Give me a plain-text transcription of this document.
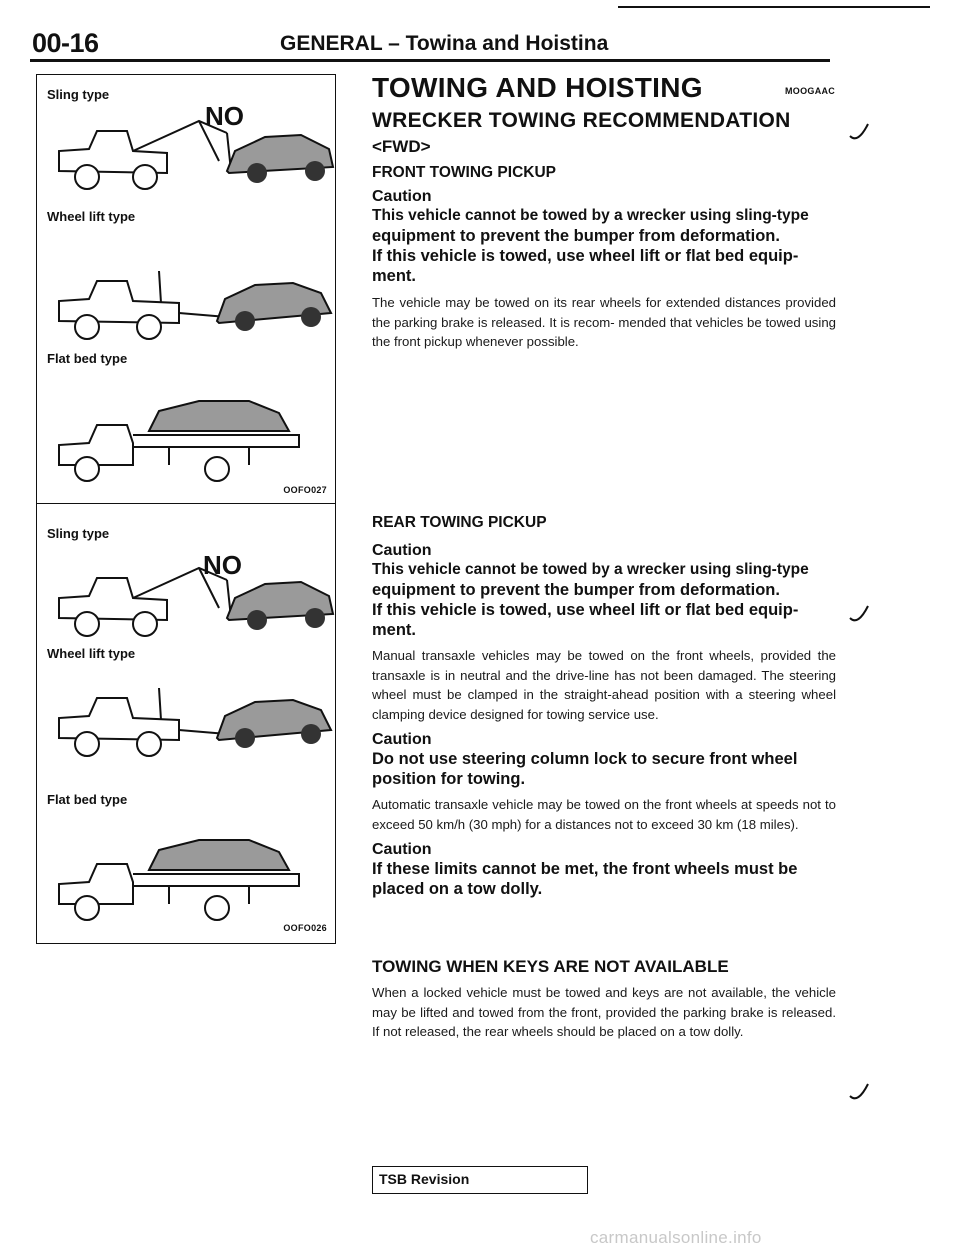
00-16	GENERAL – Towina and Hoistina
Sling type
NO
Wheel lift type
Flat bed type
OOFO027
Sling type
NO
Wheel lift type
Flat bed type
OOFO026
TOWING AND HOISTING	MOOGAAC
WRECKER TOWING RECOMMENDATION
<FWD>
FRONT TOWING PICKUP
Caution
This vehicle cannot be towed by a wrecker using sling-type
equipment to prevent the bumper from deformation.
If this vehicle is towed, use wheel lift or flat bed equip-
ment.
The vehicle may be towed on its rear wheels for extended distances provided the parking brake is released. It is recom- mended that vehicles be towed using the front pickup whenever possible.
REAR TOWING PICKUP
Caution
This vehicle cannot be towed by a wrecker using sling-type
equipment to prevent the bumper from deformation.
If this vehicle is towed, use wheel lift or flat bed equip-
ment.
Manual transaxle vehicles may be towed on the front wheels, provided the transaxle is in neutral and the drive-line has not been damaged. The steering wheel must be clamped in the straight-ahead position with a steering wheel clamping device designed for towing service use.
Caution
Do not use steering column lock to secure front wheel
position for towing.
Automatic transaxle vehicle may be towed on the front wheels at speeds not to exceed 50 km/h (30 mph) for a distances not to exceed 30 km (18 miles).
Caution
If these limits cannot be met, the front wheels must be
placed on a tow dolly.
TOWING WHEN KEYS ARE NOT AVAILABLE
When a locked vehicle must be towed and keys are not available, the vehicle may be lifted and towed from the front, provided the parking brake is released. If not released, the rear wheels should be placed on a tow dolly.
TSB Revision
carmanualsonline.info
